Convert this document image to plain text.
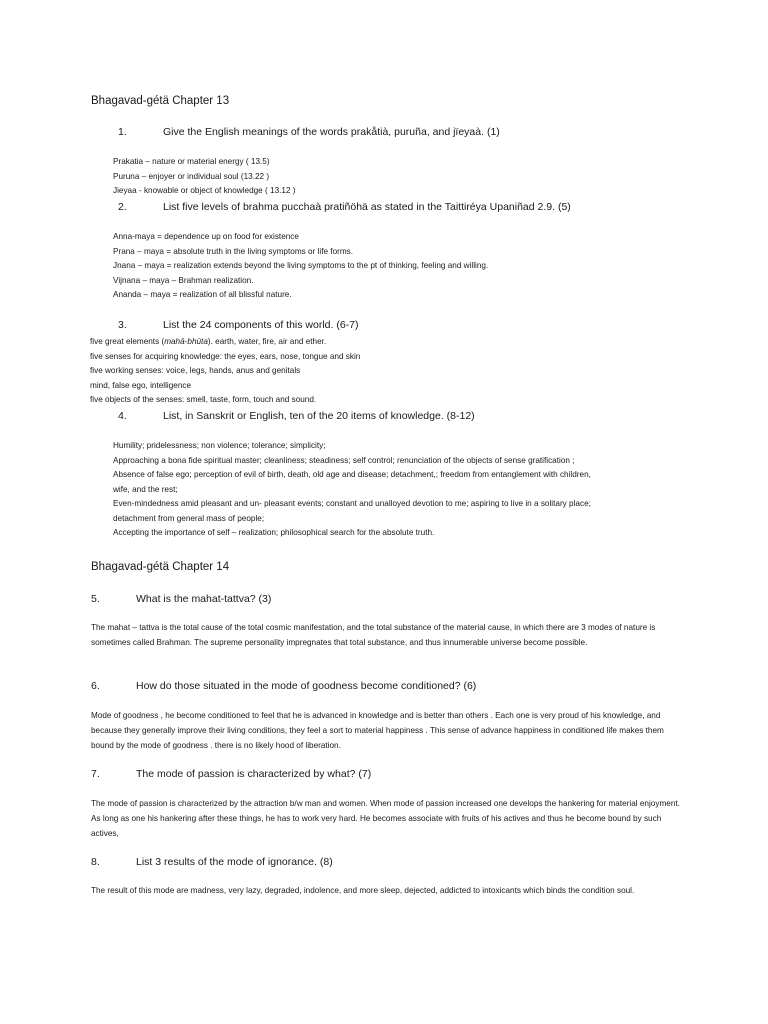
Bhagavad-gétä Chapter 13
1.	Give the English meanings of the words prakåtià, puruña, and jïeyaà. (1)
Prakatia – nature or material energy ( 13.5)
Puruna – enjoyer or individual soul (13.22 )
Jieyaa - knowable or object of knowledge ( 13.12 )
2.	List five levels of brahma pucchaà pratiñöhä as stated in the Taittiréya Upaniñad 2.9. (5)
Anna-maya = dependence up on food for existence
Prana – maya = absolute truth in the living symptoms or life forms.
Jnana – maya = realization extends beyond the living symptoms to the pt of thinking, feeling and willing.
Vijnana – maya – Brahman realization.
Ananda – maya = realization of all blissful nature.
3.	List the 24 components of this world. (6-7)
five great elements (mahā-bhūta). earth, water, fire, air and ether.
five senses for acquiring knowledge: the eyes, ears, nose, tongue and skin
five working senses: voice, legs, hands, anus and genitals
mind, false ego, intelligence
five objects of the senses: smell, taste, form, touch and sound.
4.	List, in Sanskrit or English, ten of the 20 items of knowledge. (8-12)
Humility; pridelessness; non violence; tolerance; simplicity;
Approaching a bona fide spiritual master; cleanliness; steadiness; self control; renunciation of the objects of sense gratification ;
Absence of false ego; perception of evil of birth, death, old age and disease; detachment,; freedom from entanglement with children,
wife, and the rest;
Even-mindedness amid pleasant and un- pleasant events; constant and unalloyed devotion to me; aspiring to live in a solitary place;
detachment from general mass of people;
Accepting the importance of self – realization; philosophical search for the absolute truth.
Bhagavad-gétä Chapter 14
5.	What is the mahat-tattva? (3)
The mahat – tattva is the total cause of the total cosmic manifestation, and the total substance of the material cause, in which there are 3 modes of nature is sometimes called Brahman. The supreme personality impregnates that total substance, and thus innumerable universe become possible.
6.	How do those situated in the mode of goodness become conditioned? (6)
Mode of goodness , he become conditioned to feel that he is advanced in knowledge and is better than others . Each one is very proud of his knowledge, and because they generally improve their living conditions, they feel a sort to material happiness . This sense of advance happiness in conditioned life makes them bound by the mode of goodness . there is no likely hood of liberation.
7.	The mode of passion is characterized by what? (7)
The mode of passion is characterized by the attraction b/w man and women. When mode of passion increased one develops the hankering for material enjoyment. As long as one his hankering after these things, he has to work very hard. He becomes associate with fruits of his actives and thus he become bound by such actives,
8.	List 3 results of the mode of ignorance. (8)
The result of this mode are madness, very lazy, degraded, indolence, and more sleep, dejected, addicted to intoxicants which binds the condition soul.
